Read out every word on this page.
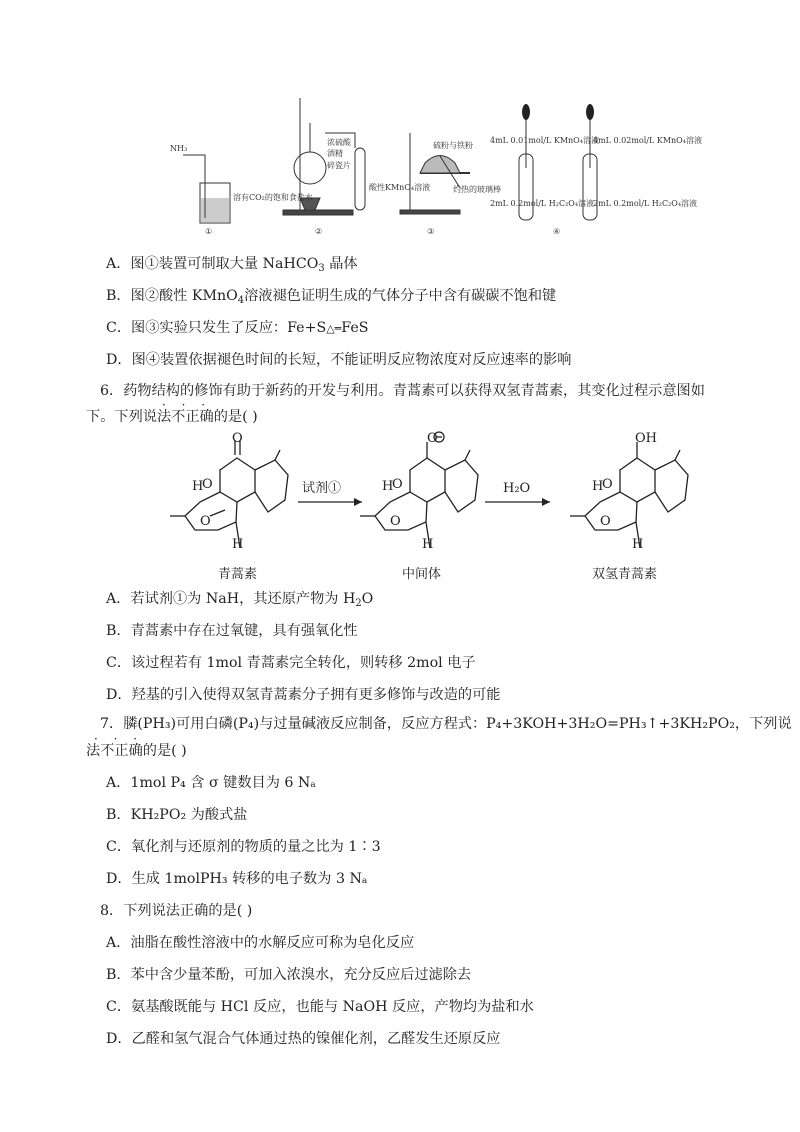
NH₃
溶有CO₂的饱和食盐水
浓硫酸
酒精
碎瓷片
酸性KMnO₄溶液
硫粉与铁粉
灼热的玻璃棒
4mL 0.01mol/L KMnO₄溶液
4mL 0.02mol/L KMnO₄溶液
2mL 0.2mol/L H₂C₂O₄溶液
2mL 0.2mol/L H₂C₂O₄溶液
①	②	③	④
A．图①装置可制取大量 NaHCO$_3$ 晶体
B．图②酸性 KMnO$_4$溶液褪色证明生成的气体分子中含有碳碳不饱和键
C．图③实验只发生了反应：Fe+S△═FeS
D．图④装置依据褪色时间的长短，不能证明反应物浓度对反应速率的影响
6．药物结构的修饰有助于新药的开发与利用。青蒿素可以获得双氢青蒿素，其变化过程示意图如
· · ·
下。下列说法不正确的是( )
O	O	OH
O	O	O
H	H	H
O	O	O
H	H	H
试剂①	H₂O
青蒿素	中间体	双氢青蒿素
A．若试剂①为 NaH，其还原产物为 $H_2O$
B．青蒿素中存在过氧键，具有强氧化性
C．该过程若有 1mol 青蒿素完全转化，则转移 2mol 电子
D．羟基的引入使得双氢青蒿素分子拥有更多修饰与改造的可能
7．膦(PH₃)可用白磷(P₄)与过量碱液反应制备，反应方程式：P₄+3KOH+3H₂O=PH₃↑+3KH₂PO₂，下列说
· · ·
法不正确的是( )
A．1mol P₄ 含 σ 键数目为 6 Nₐ
B．KH₂PO₂ 为酸式盐
C．氧化剂与还原剂的物质的量之比为 1∶3
D．生成 1molPH₃ 转移的电子数为 3 Nₐ
8．下列说法正确的是( )
A．油脂在酸性溶液中的水解反应可称为皂化反应
B．苯中含少量苯酚，可加入浓溴水，充分反应后过滤除去
C．氨基酸既能与 HCl 反应，也能与 NaOH 反应，产物均为盐和水
D．乙醛和氢气混合气体通过热的镍催化剂，乙醛发生还原反应
